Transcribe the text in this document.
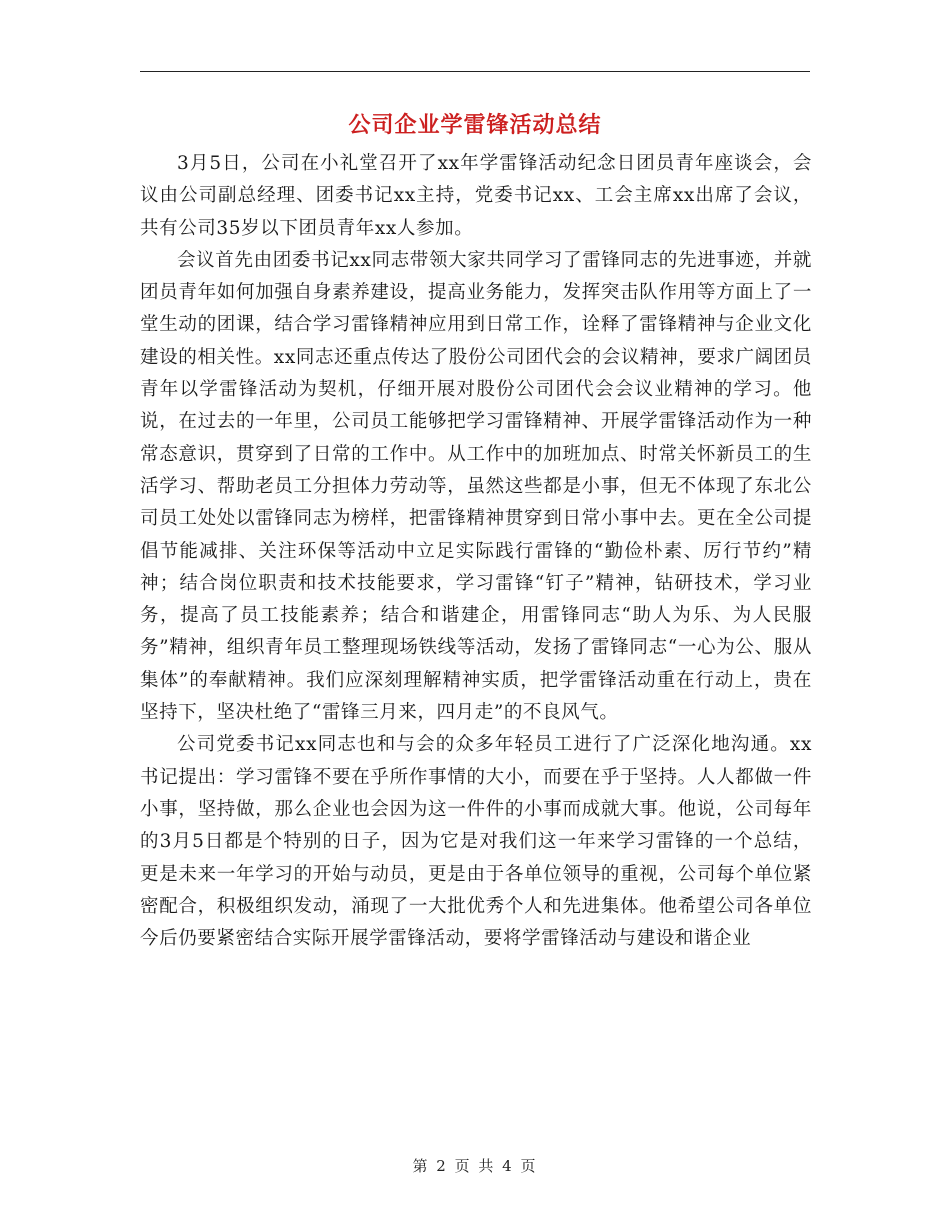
公司企业学雷锋活动总结

3月5日，公司在小礼堂召开了xx年学雷锋活动纪念日团员青年座谈会，会议由公司副总经理、团委书记xx主持，党委书记xx、工会主席xx出席了会议，共有公司35岁以下团员青年xx人参加。

会议首先由团委书记xx同志带领大家共同学习了雷锋同志的先进事迹，并就团员青年如何加强自身素养建设，提高业务能力，发挥突击队作用等方面上了一堂生动的团课，结合学习雷锋精神应用到日常工作，诠释了雷锋精神与企业文化建设的相关性。xx同志还重点传达了股份公司团代会的会议精神，要求广阔团员青年以学雷锋活动为契机，仔细开展对股份公司团代会会议业精神的学习。他说，在过去的一年里，公司员工能够把学习雷锋精神、开展学雷锋活动作为一种常态意识，贯穿到了日常的工作中。从工作中的加班加点、时常关怀新员工的生活学习、帮助老员工分担体力劳动等，虽然这些都是小事，但无不体现了东北公司员工处处以雷锋同志为榜样，把雷锋精神贯穿到日常小事中去。更在全公司提倡节能减排、关注环保等活动中立足实际践行雷锋的“勤俭朴素、厉行节约”精神；结合岗位职责和技术技能要求，学习雷锋“钉子”精神，钻研技术，学习业务，提高了员工技能素养；结合和谐建企，用雷锋同志“助人为乐、为人民服务”精神，组织青年员工整理现场铁线等活动，发扬了雷锋同志“一心为公、服从集体”的奉献精神。我们应深刻理解精神实质，把学雷锋活动重在行动上，贵在坚持下，坚决杜绝了“雷锋三月来，四月走”的不良风气。

公司党委书记xx同志也和与会的众多年轻员工进行了广泛深化地沟通。xx书记提出：学习雷锋不要在乎所作事情的大小，而要在乎于坚持。人人都做一件小事，坚持做，那么企业也会因为这一件件的小事而成就大事。他说，公司每年的3月5日都是个特别的日子，因为它是对我们这一年来学习雷锋的一个总结，更是未来一年学习的开始与动员，更是由于各单位领导的重视，公司每个单位紧密配合，积极组织发动，涌现了一大批优秀个人和先进集体。他希望公司各单位今后仍要紧密结合实际开展学雷锋活动，要将学雷锋活动与建设和谐企业

第 2 页 共 4 页
